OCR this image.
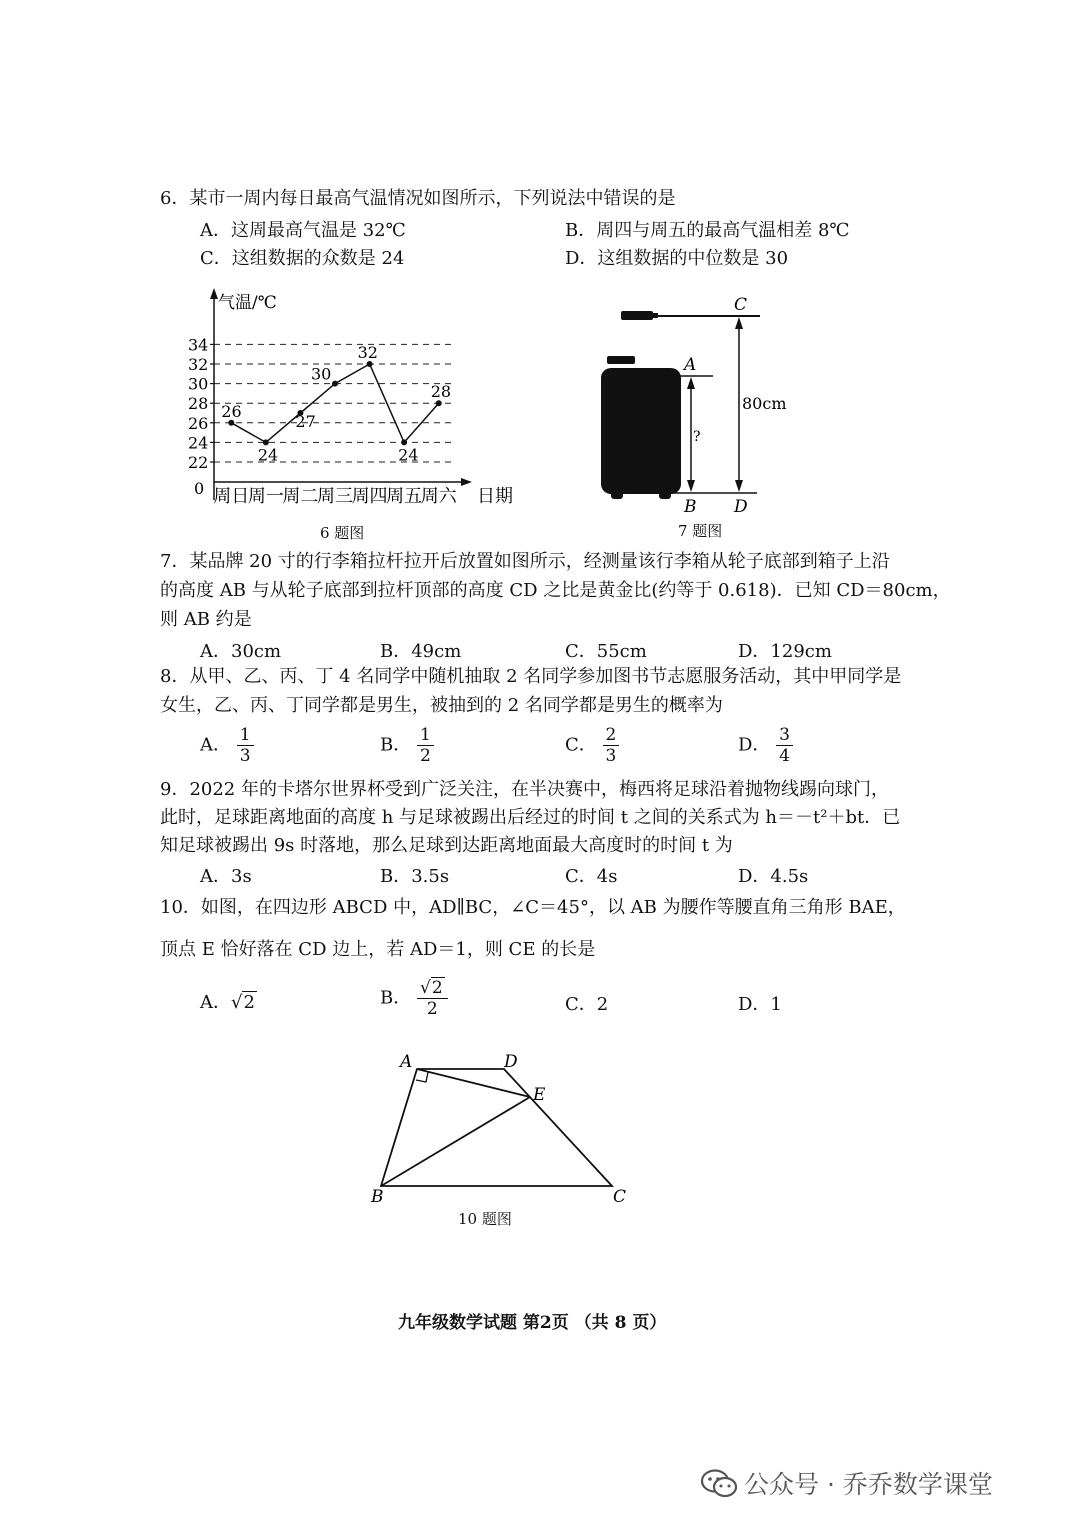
6．某市一周内每日最高气温情况如图所示，下列说法中错误的是
A．这周最高气温是 32℃	B．周四与周五的最高气温相差 8℃
C．这组数据的众数是 24	D．这组数据的中位数是 30
气温/℃
0	日期
22
24
26
28
30
32
34
周日
周一
周二
周三
周四
周五
周六
26
24
27
30
32
24
28
6 题图
A
B
C
D
80cm
?
7 题图
7．某品牌 20 寸的行李箱拉杆拉开后放置如图所示，经测量该行李箱从轮子底部到箱子上沿
的高度 AB 与从轮子底部到拉杆顶部的高度 CD 之比是黄金比(约等于 0.618)．已知 CD＝80cm，
则 AB 约是
A．30cm	B．49cm	C．55cm	D．129cm
8．从甲、乙、丙、丁 4 名同学中随机抽取 2 名同学参加图书节志愿服务活动，其中甲同学是
女生，乙、丙、丁同学都是男生，被抽到的 2 名同学都是男生的概率为
A． $\frac{1}{3}$	B． $\frac{1}{2}$	C． $\frac{2}{3}$	D． $\frac{3}{4}$
9．2022 年的卡塔尔世界杯受到广泛关注，在半决赛中，梅西将足球沿着抛物线踢向球门，
此时，足球距离地面的高度 h 与足球被踢出后经过的时间 t 之间的关系式为 h＝－t²＋bt．已
知足球被踢出 9s 时落地，那么足球到达距离地面最大高度时的时间 t 为
A．3s	B．3.5s	C．4s	D．4.5s
10．如图，在四边形 ABCD 中，AD∥BC，∠C＝45°，以 AB 为腰作等腰直角三角形 BAE，
顶点 E 恰好落在 CD 边上，若 AD＝1，则 CE 的长是
A．√2	B． $\frac{√2}{2}$	C．2	D．1
A	D
E
B	C
10 题图
九年级数学试题 第2页 （共 8 页）
公众号 · 乔乔数学课堂
